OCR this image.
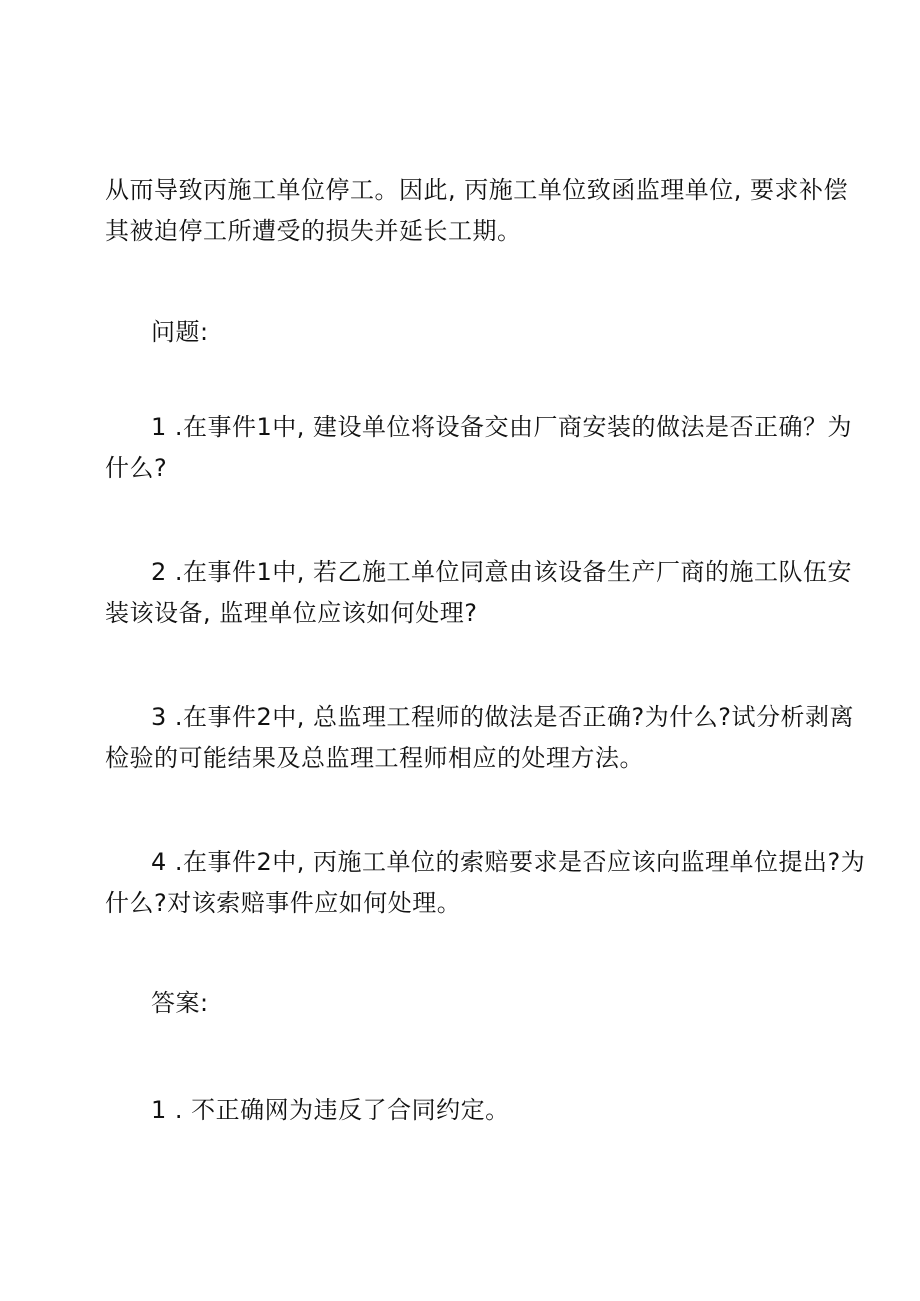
从而导致丙施工单位停工。因此, 丙施工单位致函监理单位, 要求补偿
其被迫停工所遭受的损失并延长工期。

问题:

1 .在事件1中, 建设单位将设备交由厂商安装的做法是否正确？为
什么?

2 .在事件1中, 若乙施工单位同意由该设备生产厂商的施工队伍安
装该设备, 监理单位应该如何处理?

3 .在事件2中, 总监理工程师的做法是否正确?为什么?试分析剥离
检验的可能结果及总监理工程师相应的处理方法。

4 .在事件2中, 丙施工单位的索赔要求是否应该向监理单位提出?为
什么?对该索赔事件应如何处理。

答案:

1 . 不正确网为违反了合同约定。
